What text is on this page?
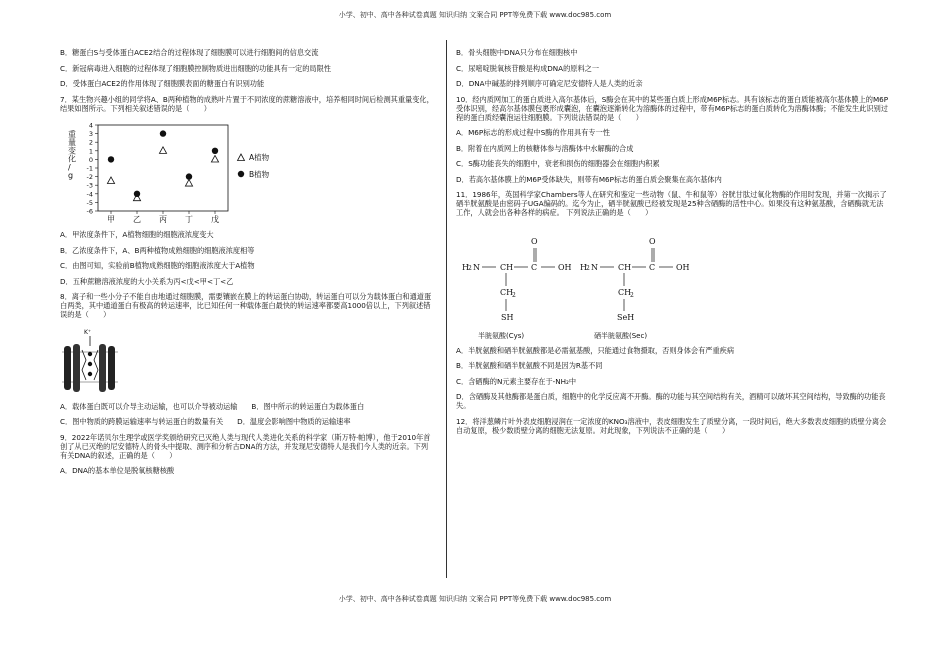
小学、初中、高中各种试卷真题 知识归纳 文案合同 PPT等免费下载 www.doc985.com

B．糖蛋白S与受体蛋白ACE2结合的过程体现了细胞膜可以进行细胞间的信息交流

C．新冠病毒进入细胞的过程体现了细胞膜控制物质进出细胞的功能具有一定的局限性

D．受体蛋白ACE2的作用体现了细胞膜表面的糖蛋白有识别功能

7．某生物兴趣小组的同学将A、B两种植物的成熟叶片置于不同浓度的蔗糖溶液中，培养相同时间后检测其重量变化，结果如图所示。下列相关叙述错误的是（　　）

重量变化/ g
4
3
2
1
0
-1
-2
-3
-4
-5
-6
甲 乙 丙 丁 戊
A植物
B植物

A．甲浓度条件下，A植物细胞的细胞液浓度变大

B．乙浓度条件下，A、B两种植物成熟细胞的细胞液浓度相等

C．由图可知，实验前B植物成熟细胞的细胞液浓度大于A植物

D．五种蔗糖溶液浓度的大小关系为丙<戊<甲<丁<乙

8．离子和一些小分子不能自由地通过细胞膜，需要镶嵌在膜上的转运蛋白协助，转运蛋白可以分为载体蛋白和通道蛋白两类，其中通道蛋白有极高的转运速率，比已知任何一种载体蛋白最快的转运速率都要高1000倍以上，下列叙述错误的是（　　）

K⁺

A．载体蛋白既可以介导主动运输，也可以介导被动运输 B．图中所示的转运蛋白为载体蛋白

C．图中物质的跨膜运输速率与转运蛋白的数量有关 D．温度会影响图中物质的运输速率

9．2022年诺贝尔生理学或医学奖颁给研究已灭绝人类与现代人类进化关系的科学家（斯万特·帕博），他于2010年首创了从已灭绝的尼安德特人的骨头中提取、测序和分析古DNA的方法，并发现尼安德特人是我们今人类的近亲。下列有关DNA的叙述，正确的是（　　）

A．DNA的基本单位是脱氧核糖核酸

B．骨头细胞中DNA只分布在细胞核中

C．尿嘧啶脱氧核苷酸是构成DNA的原料之一

D．DNA中碱基的排列顺序可确定尼安德特人是人类的近亲

10．经内质网加工的蛋白质进入高尔基体后，S酶会在其中的某些蛋白质上形成M6P标志。具有该标志的蛋白质能被高尔基体膜上的M6P受体识别，经高尔基体膜包裹形成囊泡，在囊泡逐渐转化为溶酶体的过程中，带有M6P标志的蛋白质转化为溶酶体酶；不能发生此识别过程的蛋白质经囊泡运往细胞膜。下列说法错误的是（　　）

A．M6P标志的形成过程中S酶的作用具有专一性

B．附着在内质网上的核糖体参与溶酶体中水解酶的合成

C．S酶功能丧失的细胞中，衰老和损伤的细胞器会在细胞内积累

D．若高尔基体膜上的M6P受体缺失，则带有M6P标志的蛋白质会聚集在高尔基体内

11．1986年，英国科学家Chambers等人在研究和鉴定一些动物（鼠、牛和鼠等）谷胱甘肽过氧化物酶的作用时发现，并第一次揭示了 硒半胱氨酸是由密码子UGA编码的。迄今为止，硒半胱氨酸已经被发现是25种含硒酶的活性中心。如果没有这种氨基酸，含硒酶就无法工作，人就会出各种各样的病症。 下列说法正确的是（　　）

H 2 N	CH C
O
OH
CH
2
SH
半胱氨酸(Cys)
H 2 N	CH C
O
OH
CH
2
SeH
硒半胱氨酸(Sec)

A．半胱氨酸和硒半胱氨酸都是必需氨基酸，只能通过食物摄取，否则身体会有严重疾病

B．半胱氨酸和硒半胱氨酸不同是因为R基不同

C．含硒酶的N元素主要存在于-NH₂中

D．含硒酶及其他酶都是蛋白质，细胞中的化学反应离不开酶。酶的功能与其空间结构有关，酒精可以破坏其空间结构，导致酶的功能丧失。

12．将洋葱鳞片叶外表皮细胞浸润在一定浓度的KNO₃溶液中，表皮细胞发生了质壁分离，一段时间后，绝大多数表皮细胞的质壁分离会自动复原，极少数质壁分离的细胞无法复原。对此现象，下列说法不正确的是（　　）

小学、初中、高中各种试卷真题 知识归纳 文案合同 PPT等免费下载 www.doc985.com
